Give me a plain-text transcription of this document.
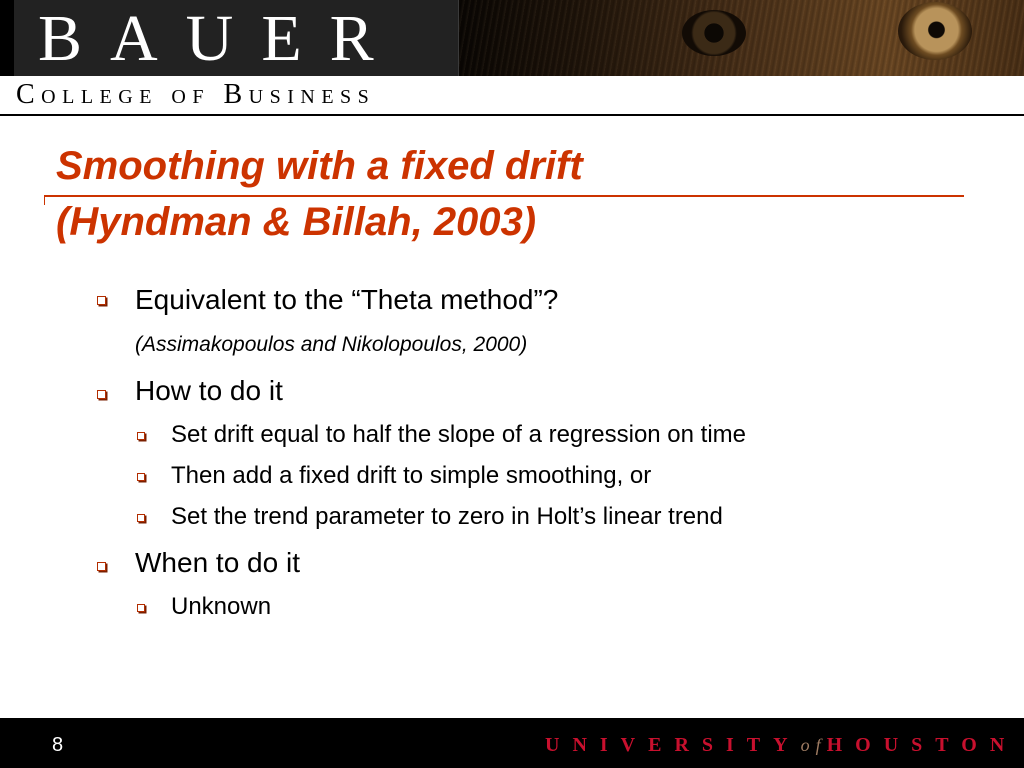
BAUER

College of Business

Smoothing with a fixed drift
(Hyndman & Billah, 2003)

Equivalent to the “Theta method”?

(Assimakopoulos and Nikolopoulos, 2000)

How to do it

Set drift equal to half the slope of a regression on time

Then add a fixed drift to simple smoothing, or

Set the trend parameter to zero in Holt’s linear trend

When to do it

Unknown

8	UNIVERSITYofHOUSTON
